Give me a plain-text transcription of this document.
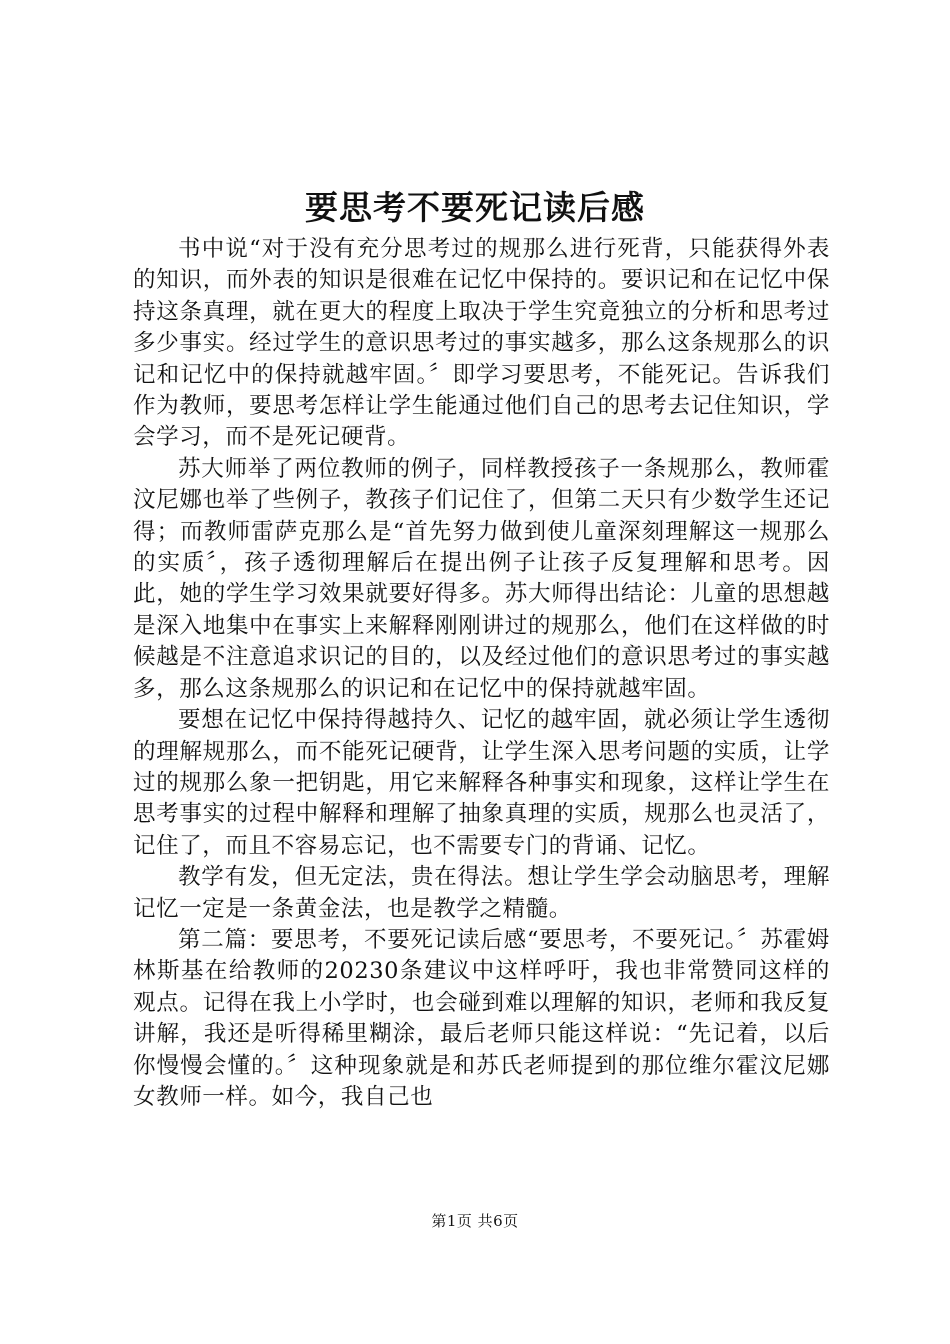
要思考不要死记读后感

书中说“对于没有充分思考过的规那么进行死背，只能获得外表的知识，而外表的知识是很难在记忆中保持的。要识记和在记忆中保持这条真理，就在更大的程度上取决于学生究竟独立的分析和思考过多少事实。经过学生的意识思考过的事实越多，那么这条规那么的识记和记忆中的保持就越牢固。〞即学习要思考，不能死记。告诉我们作为教师，要思考怎样让学生能通过他们自己的思考去记住知识，学会学习，而不是死记硬背。

苏大师举了两位教师的例子，同样教授孩子一条规那么，教师霍汶尼娜也举了些例子，教孩子们记住了，但第二天只有少数学生还记得；而教师雷萨克那么是“首先努力做到使儿童深刻理解这一规那么的实质〞，孩子透彻理解后在提出例子让孩子反复理解和思考。因此，她的学生学习效果就要好得多。苏大师得出结论：儿童的思想越是深入地集中在事实上来解释刚刚讲过的规那么，他们在这样做的时候越是不注意追求识记的目的，以及经过他们的意识思考过的事实越多，那么这条规那么的识记和在记忆中的保持就越牢固。

要想在记忆中保持得越持久、记忆的越牢固，就必须让学生透彻的理解规那么，而不能死记硬背，让学生深入思考问题的实质，让学过的规那么象一把钥匙，用它来解释各种事实和现象，这样让学生在思考事实的过程中解释和理解了抽象真理的实质，规那么也灵活了，记住了，而且不容易忘记，也不需要专门的背诵、记忆。

教学有发，但无定法，贵在得法。想让学生学会动脑思考，理解记忆一定是一条黄金法，也是教学之精髓。

第二篇：要思考，不要死记读后感“要思考，不要死记。〞苏霍姆林斯基在给教师的20230条建议中这样呼吁，我也非常赞同这样的观点。记得在我上小学时，也会碰到难以理解的知识，老师和我反复讲解，我还是听得稀里糊涂，最后老师只能这样说：“先记着，以后你慢慢会懂的。〞这种现象就是和苏氏老师提到的那位维尔霍汶尼娜女教师一样。如今，我自己也

第1页 共6页
